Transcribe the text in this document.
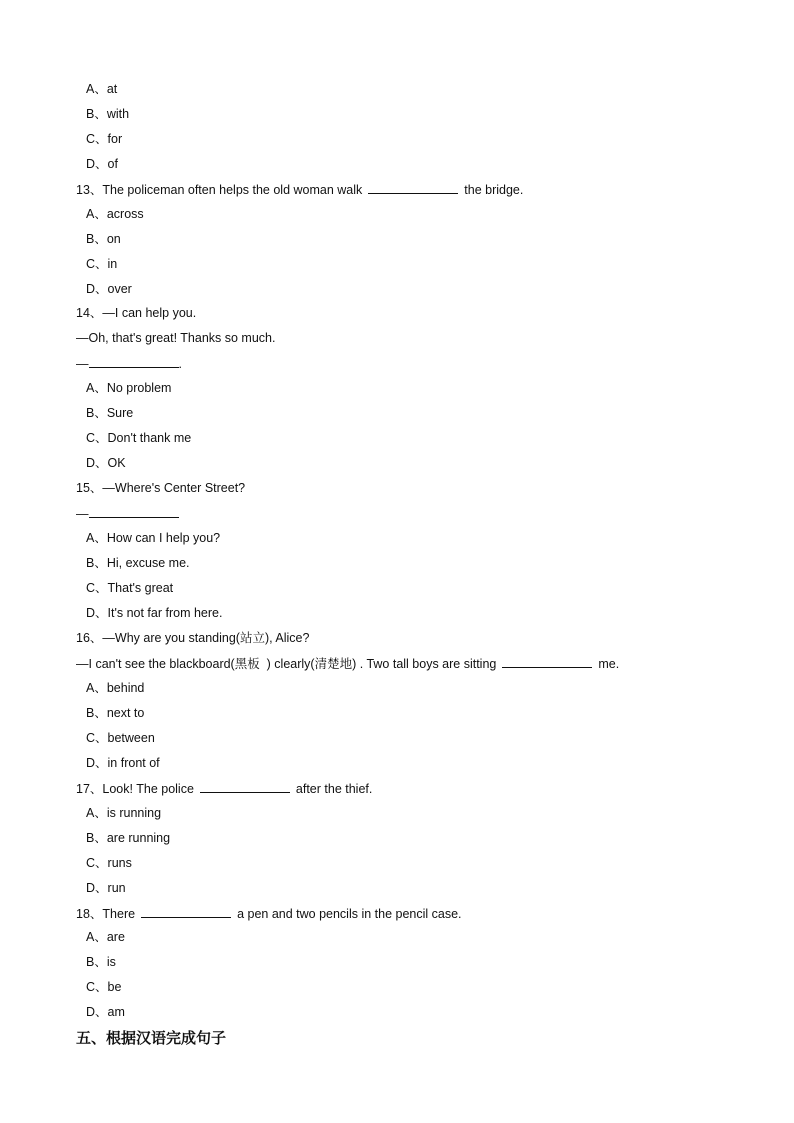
A、at
B、with
C、for
D、of
13、The policeman often helps the old woman walk	the bridge.
A、across
B、on
C、in
D、over
14、—I can help you.
—Oh, that's great! Thanks so much.
—	.
A、No problem
B、Sure
C、Don't thank me
D、OK
15、—Where's Center Street?
—
A、How can I help you?
B、Hi, excuse me.
C、That's great
D、It's not far from here.
16、—Why are you standing(站立), Alice?
—I can't see the blackboard(黑板  ) clearly(清楚地) . Two tall boys are sitting	me.
A、behind
B、next to
C、between
D、in front of
17、Look! The police	after the thief.
A、is running
B、are running
C、runs
D、run
18、There	a pen and two pencils in the pencil case.
A、are
B、is
C、be
D、am
五、根据汉语完成句子
